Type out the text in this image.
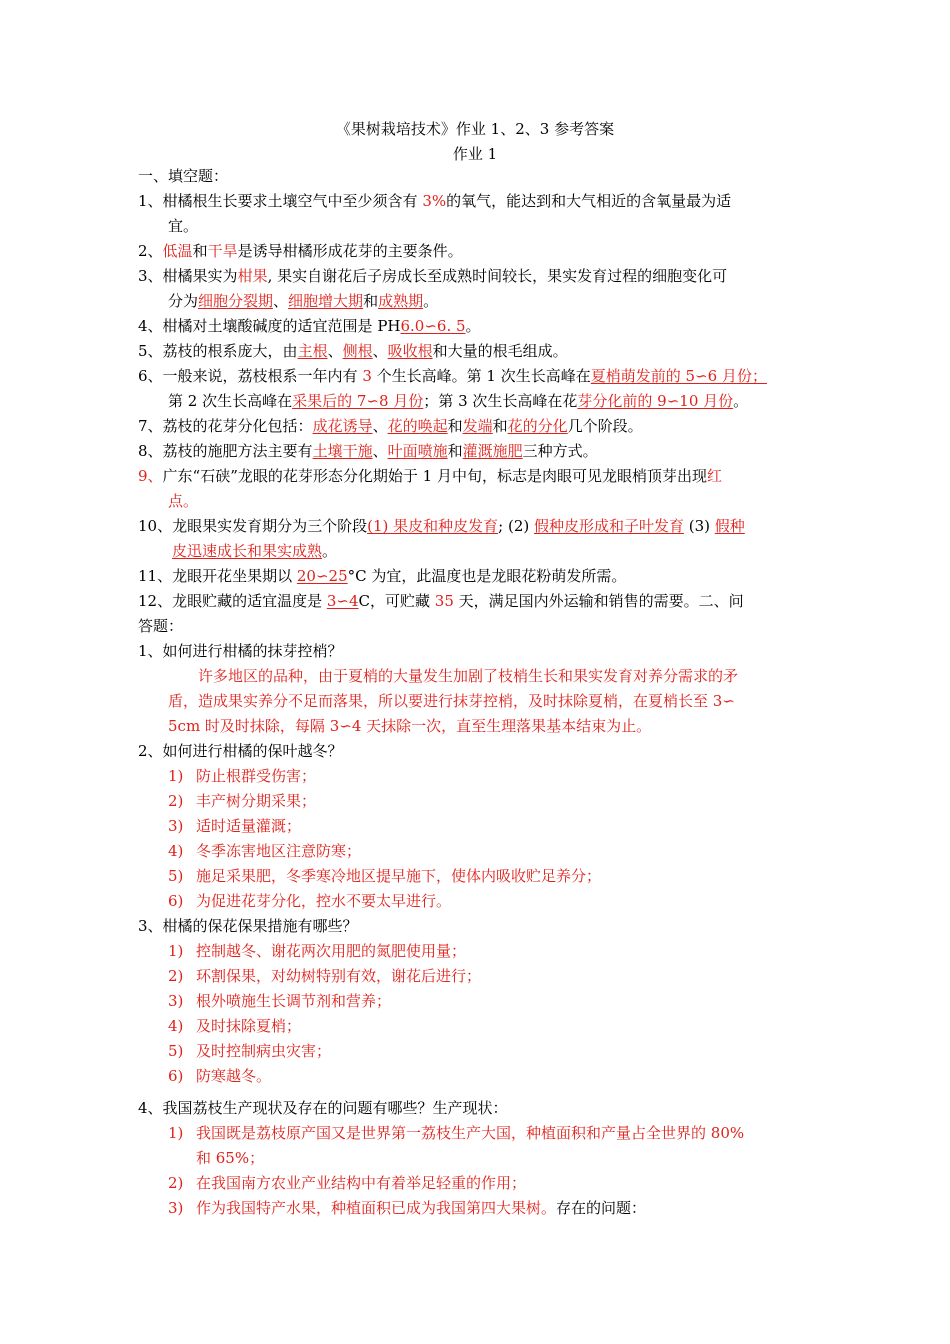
《果树栽培技术》作业 1、2、3 参考答案
作业 1
一、填空题：
1、柑橘根生长要求土壤空气中至少须含有 3%的氧气，能达到和大气相近的含氧量最为适
宜。
2、低温和干旱是诱导柑橘形成花芽的主要条件。
3、柑橘果实为柑果, 果实自谢花后子房成长至成熟时间较长，果实发育过程的细胞变化可
分为细胞分裂期、细胞增大期和成熟期。
4、柑橘对土壤酸碱度的适宜范围是 PH6.0∽6. 5。
5、荔枝的根系庞大，由主根、侧根、吸收根和大量的根毛组成。
6、一般来说，荔枝根系一年内有 3 个生长高峰。第 1 次生长高峰在夏梢萌发前的 5∽6 月份；
第 2 次生长高峰在采果后的 7∽8 月份；第 3 次生长高峰在花芽分化前的 9∽10 月份。
7、荔枝的花芽分化包括：成花诱导、花的唤起和发端和花的分化几个阶段。
8、荔枝的施肥方法主要有土壤干施、叶面喷施和灌溉施肥三种方式。
9、广东“石硖”龙眼的花芽形态分化期始于 1 月中旬，标志是肉眼可见龙眼梢顶芽出现红
点。
10、龙眼果实发育期分为三个阶段(1) 果皮和种皮发育; (2) 假种皮形成和子叶发育 (3) 假种
皮迅速成长和果实成熟。
11、龙眼开花坐果期以 20∽25°C 为宜，此温度也是龙眼花粉萌发所需。
12、龙眼贮藏的适宜温度是 3∽4C，可贮藏 35 天，满足国内外运输和销售的需要。二、问
答题：
1、如何进行柑橘的抹芽控梢？
许多地区的品种，由于夏梢的大量发生加剧了枝梢生长和果实发育对养分需求的矛
盾，造成果实养分不足而落果，所以要进行抹芽控梢，及时抹除夏梢，在夏梢长至 3∽
5cm 时及时抹除，每隔 3∽4 天抹除一次，直至生理落果基本结束为止。
2、如何进行柑橘的保叶越冬？
1) 防止根群受伤害；
2) 丰产树分期采果；
3) 适时适量灌溉；
4) 冬季冻害地区注意防寒；
5) 施足采果肥，冬季寒冷地区提早施下，使体内吸收贮足养分；
6) 为促进花芽分化，控水不要太早进行。
3、柑橘的保花保果措施有哪些？
1) 控制越冬、谢花两次用肥的氮肥使用量；
2) 环割保果，对幼树特别有效，谢花后进行；
3) 根外喷施生长调节剂和营养；
4) 及时抹除夏梢；
5) 及时控制病虫灾害；
6) 防寒越冬。
4、我国荔枝生产现状及存在的问题有哪些？生产现状：
1) 我国既是荔枝原产国又是世界第一荔枝生产大国，种植面积和产量占全世界的 80%
和 65%；
2) 在我国南方农业产业结构中有着举足轻重的作用；
3) 作为我国特产水果，种植面积已成为我国第四大果树。存在的问题：
